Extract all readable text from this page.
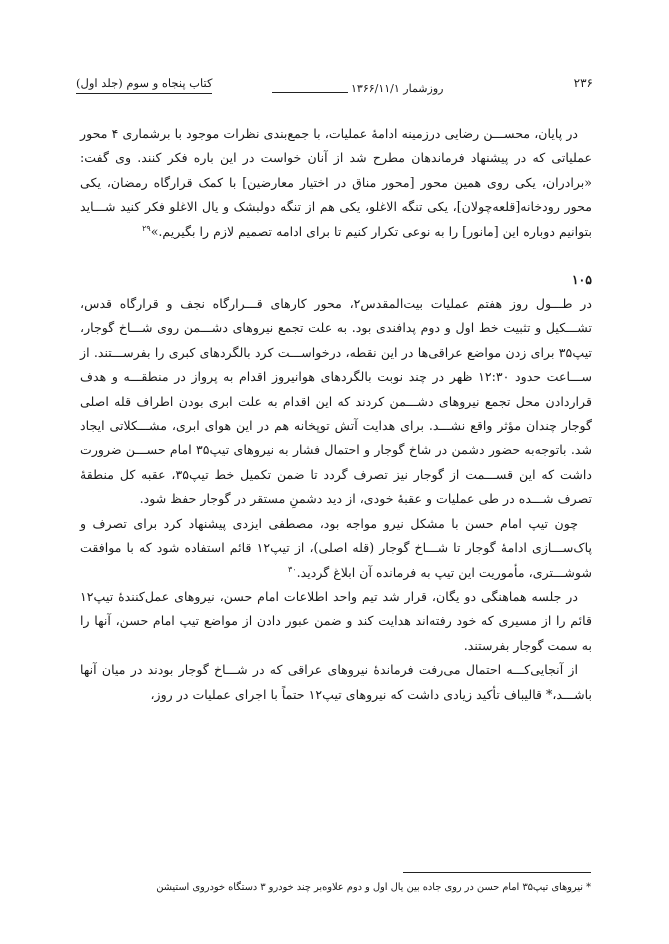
کتاب پنجاه و سوم (جلد اول)	روزشمار ۱۳۶۶/۱۱/۱	۲۳۶

در پایان، محســـن رضایی درزمینه ادامهٔ عملیات، با جمع‌بندی نظرات موجود با برشماری ۴ محور عملیاتی که در پیشنهاد فرماندهان مطرح شد از آنان خواست در این باره فکر کنند. وی گفت: «برادران، یکی روی همین محور [محور مناق در اختیار معارضین] با کمک قرارگاه رمضان، یکی محور رودخانه[قلعه‌چولان]، یکی تنگه الاغلو، یکی هم از تنگه دولبشک و یال الاغلو فکر کنید شـــاید بتوانیم دوباره این [مانور] را به نوعی تکرار کنیم تا برای ادامه تصمیم لازم را بگیریم.»$^{۲۹}$

۱۰۵

در طـــول روز هفتم عملیات بیت‌المقدس۲، محور کارهای قـــرارگاه نجف و قرارگاه قدس، تشـــکیل و تثبیت خط اول و دوم پدافندی بود. به علت تجمع نیروهای دشـــمن روی شـــاخ گوجار، تیپ۳۵ برای زدن مواضع عراقی‌ها در این نقطه، درخواســـت کرد بالگردهای کبری را بفرســـتند. از ســـاعت حدود ۱۲:۳۰ ظهر در چند نوبت بالگردهای هوانیروز اقدام به پرواز در منطقـــه و هدف قراردادن محل تجمع نیروهای دشـــمن کردند که این اقدام به علت ابری بودن اطراف قله اصلی گوجار چندان مؤثر واقع نشـــد. برای هدایت آتش توپخانه هم در این هوای ابری، مشـــکلاتی ایجاد شد. باتوجه‌به حضور دشمن در شاخ گوجار و احتمال فشار به نیروهای تیپ۳۵ امام حســـن ضرورت داشت که این قســـمت از گوجار نیز تصرف گردد تا ضمن تکمیل خط تیپ۳۵، عقبه کل منطقهٔ تصرف شـــده در طی عملیات و عقبهٔ خودی، از دید دشمنِ مستقر در گوجار حفظ شود.

چون تیپ امام حسن با مشکل نیرو مواجه بود، مصطفی ایزدی پیشنهاد کرد برای تصرف و پاک‌ســـازی ادامهٔ گوجار تا شـــاخ گوجار (قله اصلی)، از تیپ۱۲ قائم استفاده شود که با موافقت شوشـــتری، مأموریت این تیپ به فرمانده آن ابلاغ گردید.$^{۳۰}$

در جلسه هماهنگی دو یگان، قرار شد تیم واحد اطلاعات امام حسن، نیروهای عمل‌کنندهٔ تیپ۱۲ قائم را از مسیری که خود رفته‌اند هدایت کند و ضمن عبور دادن از مواضع تیپ امام حسن، آنها را به سمت گوجار بفرستند.

از آنجایی‌کـــه احتمال می‌رفت فرماندهٔ نیروهای عراقی که در شـــاخ گوجار بودند در میان آنها باشـــد،* قالیباف تأکید زیادی داشت که نیروهای تیپ۱۲ حتماً با اجرای عملیات در روز،

* نیروهای تیپ۳۵ امام حسن در روی جاده بین یال اول و دوم علاوه‌بر چند خودرو ۳ دستگاه خودروی استیشن
